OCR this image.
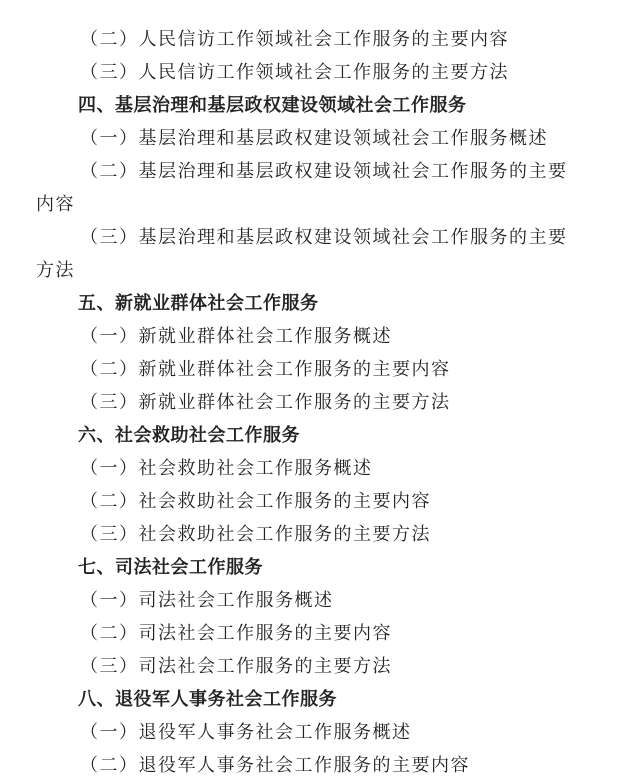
（二）人民信访工作领域社会工作服务的主要内容
（三）人民信访工作领域社会工作服务的主要方法
四、基层治理和基层政权建设领域社会工作服务
（一）基层治理和基层政权建设领域社会工作服务概述
（二）基层治理和基层政权建设领域社会工作服务的主要
内容
（三）基层治理和基层政权建设领域社会工作服务的主要
方法
五、新就业群体社会工作服务
（一）新就业群体社会工作服务概述
（二）新就业群体社会工作服务的主要内容
（三）新就业群体社会工作服务的主要方法
六、社会救助社会工作服务
（一）社会救助社会工作服务概述
（二）社会救助社会工作服务的主要内容
（三）社会救助社会工作服务的主要方法
七、司法社会工作服务
（一）司法社会工作服务概述
（二）司法社会工作服务的主要内容
（三）司法社会工作服务的主要方法
八、退役军人事务社会工作服务
（一）退役军人事务社会工作服务概述
（二）退役军人事务社会工作服务的主要内容
